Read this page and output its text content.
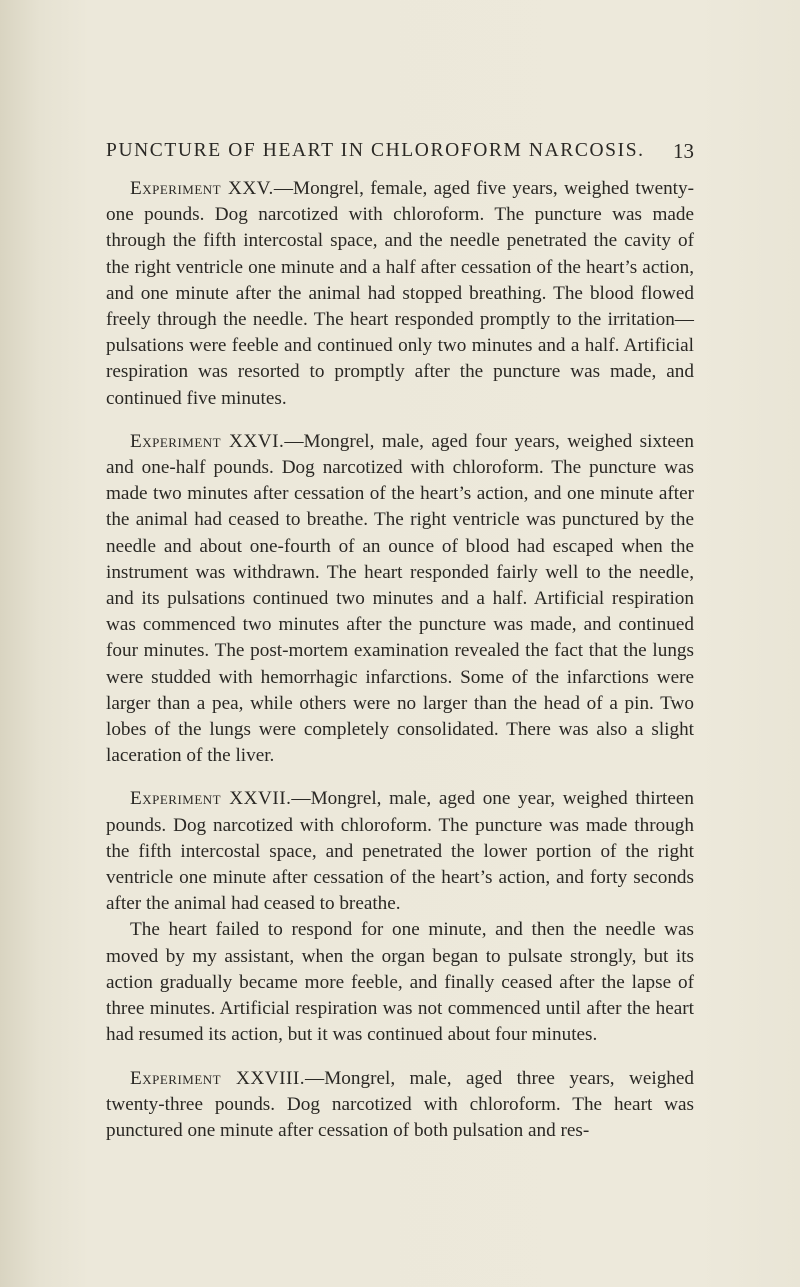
PUNCTURE OF HEART IN CHLOROFORM NARCOSIS. 13

Experiment XXV.—Mongrel, female, aged five years, weighed twenty-one pounds. Dog narcotized with chloroform. The puncture was made through the fifth intercostal space, and the needle penetrated the cavity of the right ventricle one minute and a half after cessation of the heart’s action, and one minute after the animal had stopped breathing. The blood flowed freely through the needle. The heart responded promptly to the irritation—pulsations were feeble and continued only two minutes and a half. Artificial respiration was resorted to promptly after the puncture was made, and continued five minutes.

Experiment XXVI.—Mongrel, male, aged four years, weighed sixteen and one-half pounds. Dog narcotized with chloroform. The puncture was made two minutes after cessation of the heart’s action, and one minute after the animal had ceased to breathe. The right ventricle was punctured by the needle and about one-fourth of an ounce of blood had escaped when the instrument was withdrawn. The heart responded fairly well to the needle, and its pulsations continued two minutes and a half. Artificial respiration was commenced two minutes after the puncture was made, and continued four minutes. The post-mortem examination revealed the fact that the lungs were studded with hemorrhagic infarctions. Some of the infarctions were larger than a pea, while others were no larger than the head of a pin. Two lobes of the lungs were completely consolidated. There was also a slight laceration of the liver.

Experiment XXVII.—Mongrel, male, aged one year, weighed thirteen pounds. Dog narcotized with chloroform. The puncture was made through the fifth intercostal space, and penetrated the lower portion of the right ventricle one minute after cessation of the heart’s action, and forty seconds after the animal had ceased to breathe.

The heart failed to respond for one minute, and then the needle was moved by my assistant, when the organ began to pulsate strongly, but its action gradually became more feeble, and finally ceased after the lapse of three minutes. Artificial respiration was not commenced until after the heart had resumed its action, but it was continued about four minutes.

Experiment XXVIII.—Mongrel, male, aged three years, weighed twenty-three pounds. Dog narcotized with chloroform. The heart was punctured one minute after cessation of both pulsation and res-
